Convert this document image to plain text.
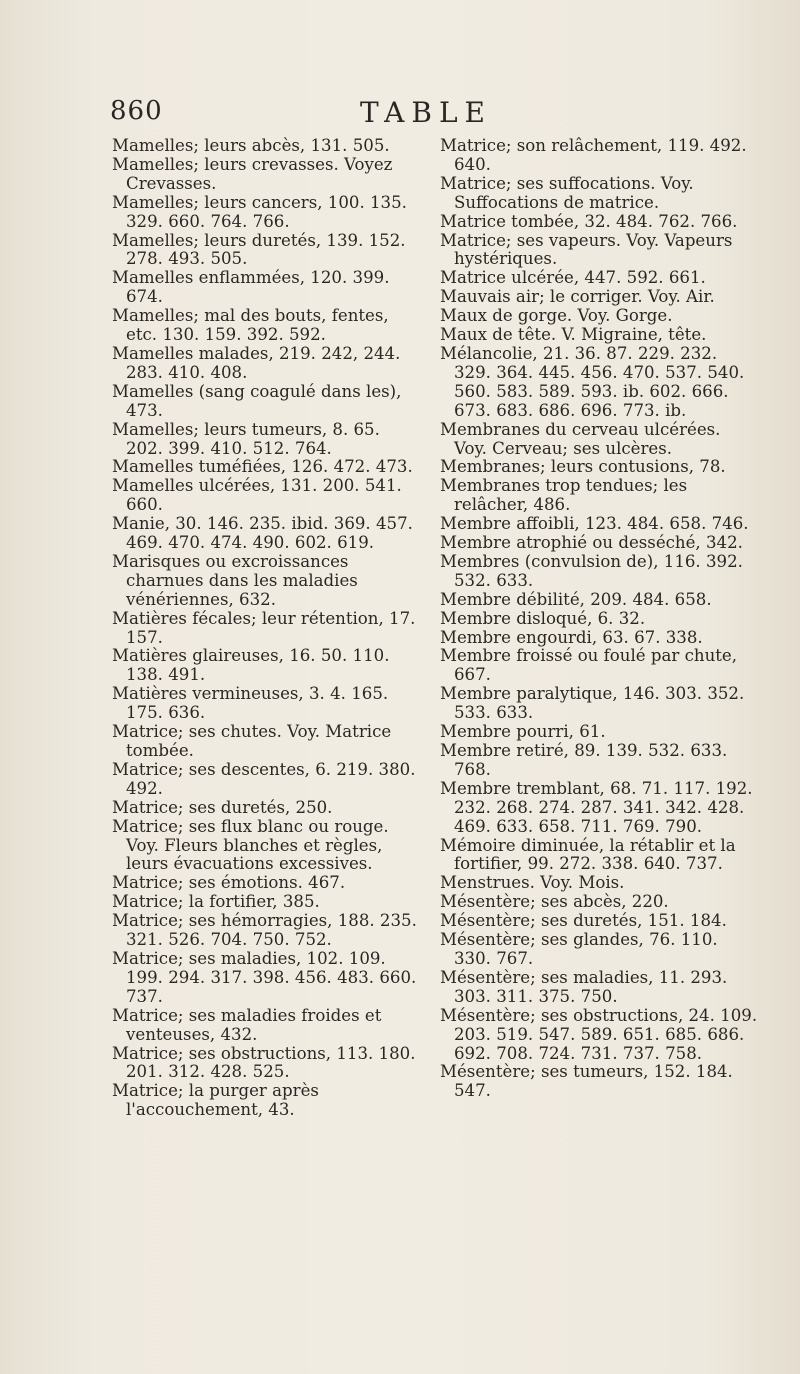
860	TABLE

Mamelles; leurs abcès, 131. 505.

Mamelles; leurs crevasses. Voyez Crevasses.

Mamelles; leurs cancers, 100. 135. 329. 660. 764. 766.

Mamelles; leurs duretés, 139. 152. 278. 493. 505.

Mamelles enflammées, 120. 399. 674.

Mamelles; mal des bouts, fentes, etc. 130. 159. 392. 592.

Mamelles malades, 219. 242, 244. 283. 410. 408.

Mamelles (sang coagulé dans les), 473.

Mamelles; leurs tumeurs, 8. 65. 202. 399. 410. 512. 764.

Mamelles tuméfiées, 126. 472. 473.

Mamelles ulcérées, 131. 200. 541. 660.

Manie, 30. 146. 235. ibid. 369. 457. 469. 470. 474. 490. 602. 619.

Marisques ou excroissances charnues dans les maladies vénériennes, 632.

Matières fécales; leur rétention, 17. 157.

Matières glaireuses, 16. 50. 110. 138. 491.

Matières vermineuses, 3. 4. 165. 175. 636.

Matrice; ses chutes. Voy. Matrice tombée.

Matrice; ses descentes, 6. 219. 380. 492.

Matrice; ses duretés, 250.

Matrice; ses flux blanc ou rouge. Voy. Fleurs blanches et règles, leurs évacuations excessives.

Matrice; ses émotions. 467.

Matrice; la fortifier, 385.

Matrice; ses hémorragies, 188. 235. 321. 526. 704. 750. 752.

Matrice; ses maladies, 102. 109. 199. 294. 317. 398. 456. 483. 660. 737.

Matrice; ses maladies froides et venteuses, 432.

Matrice; ses obstructions, 113. 180. 201. 312. 428. 525.

Matrice; la purger après l'accouchement, 43.

Matrice; son relâchement, 119. 492. 640.

Matrice; ses suffocations. Voy. Suffocations de matrice.

Matrice tombée, 32. 484. 762. 766.

Matrice; ses vapeurs. Voy. Vapeurs hystériques.

Matrice ulcérée, 447. 592. 661.

Mauvais air; le corriger. Voy. Air.

Maux de gorge. Voy. Gorge.

Maux de tête. V. Migraine, tête.

Mélancolie, 21. 36. 87. 229. 232. 329. 364. 445. 456. 470. 537. 540. 560. 583. 589. 593. ib. 602. 666. 673. 683. 686. 696. 773. ib.

Membranes du cerveau ulcérées. Voy. Cerveau; ses ulcères.

Membranes; leurs contusions, 78.

Membranes trop tendues; les relâcher, 486.

Membre affoibli, 123. 484. 658. 746.

Membre atrophié ou desséché, 342.

Membres (convulsion de), 116. 392. 532. 633.

Membre débilité, 209. 484. 658.

Membre disloqué, 6. 32.

Membre engourdi, 63. 67. 338.

Membre froissé ou foulé par chute, 667.

Membre paralytique, 146. 303. 352. 533. 633.

Membre pourri, 61.

Membre retiré, 89. 139. 532. 633. 768.

Membre tremblant, 68. 71. 117. 192. 232. 268. 274. 287. 341. 342. 428. 469. 633. 658. 711. 769. 790.

Mémoire diminuée, la rétablir et la fortifier, 99. 272. 338. 640. 737.

Menstrues. Voy. Mois.

Mésentère; ses abcès, 220.

Mésentère; ses duretés, 151. 184.

Mésentère; ses glandes, 76. 110. 330. 767.

Mésentère; ses maladies, 11. 293. 303. 311. 375. 750.

Mésentère; ses obstructions, 24. 109. 203. 519. 547. 589. 651. 685. 686. 692. 708. 724. 731. 737. 758.

Mésentère; ses tumeurs, 152. 184. 547.
